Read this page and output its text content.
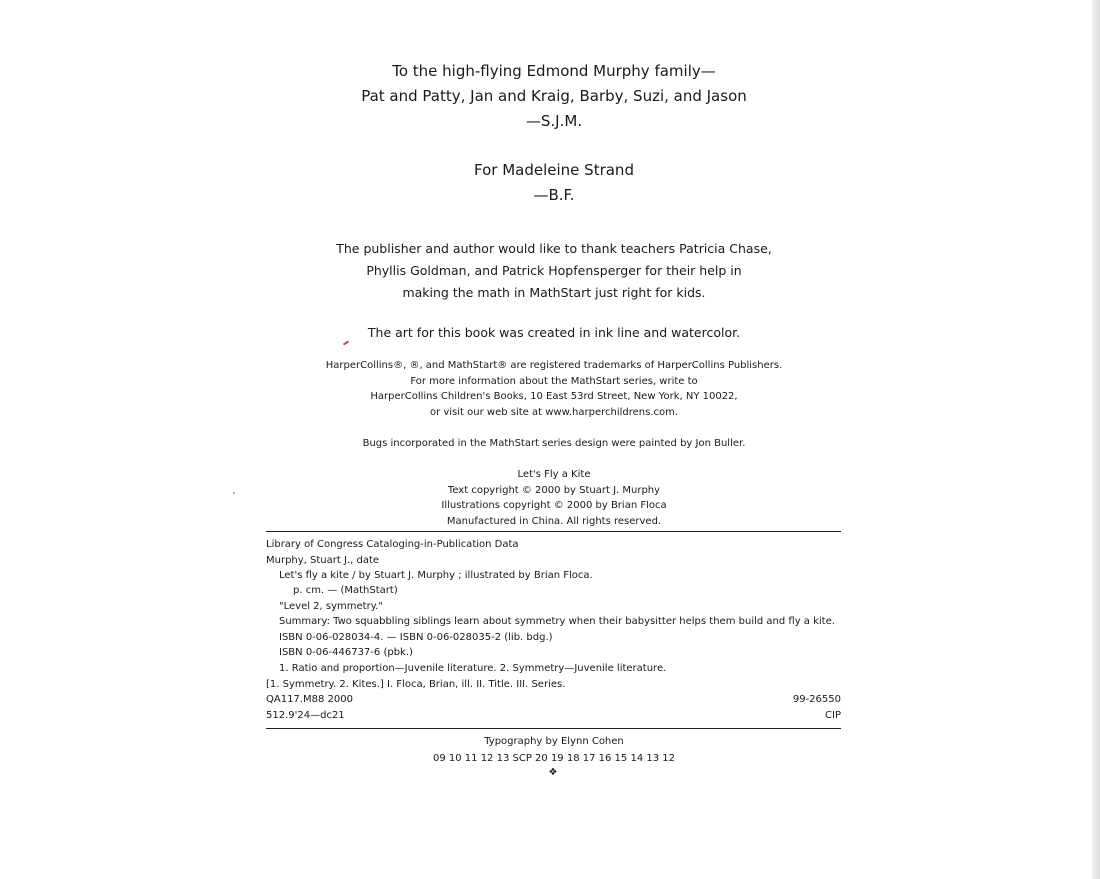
To the high-flying Edmond Murphy family—
Pat and Patty, Jan and Kraig, Barby, Suzi, and Jason
—S.J.M.
For Madeleine Strand
—B.F.
The publisher and author would like to thank teachers Patricia Chase,
Phyllis Goldman, and Patrick Hopfensperger for their help in
making the math in MathStart just right for kids.
The art for this book was created in ink line and watercolor.
HarperCollins®, ®, and MathStart® are registered trademarks of HarperCollins Publishers.
For more information about the MathStart series, write to
HarperCollins Children's Books, 10 East 53rd Street, New York, NY 10022,
or visit our web site at www.harperchildrens.com.
Bugs incorporated in the MathStart series design were painted by Jon Buller.
Let's Fly a Kite
Text copyright © 2000 by Stuart J. Murphy
Illustrations copyright © 2000 by Brian Floca
Manufactured in China. All rights reserved.
Library of Congress Cataloging-in-Publication Data
Murphy, Stuart J., date
Let's fly a kite / by Stuart J. Murphy ; illustrated by Brian Floca.
p. cm. — (MathStart)
"Level 2, symmetry."
Summary: Two squabbling siblings learn about symmetry when their babysitter helps them build and fly a kite.
ISBN 0-06-028034-4. — ISBN 0-06-028035-2 (lib. bdg.)
ISBN 0-06-446737-6 (pbk.)
1. Ratio and proportion—Juvenile literature. 2. Symmetry—Juvenile literature.
[1. Symmetry. 2. Kites.] I. Floca, Brian, ill. II. Title. III. Series.
QA117.M88 2000	99-26550
512.9'24—dc21	CIP
Typography by Elynn Cohen
09 10 11 12 13 SCP 20 19 18 17 16 15 14 13 12
❖
